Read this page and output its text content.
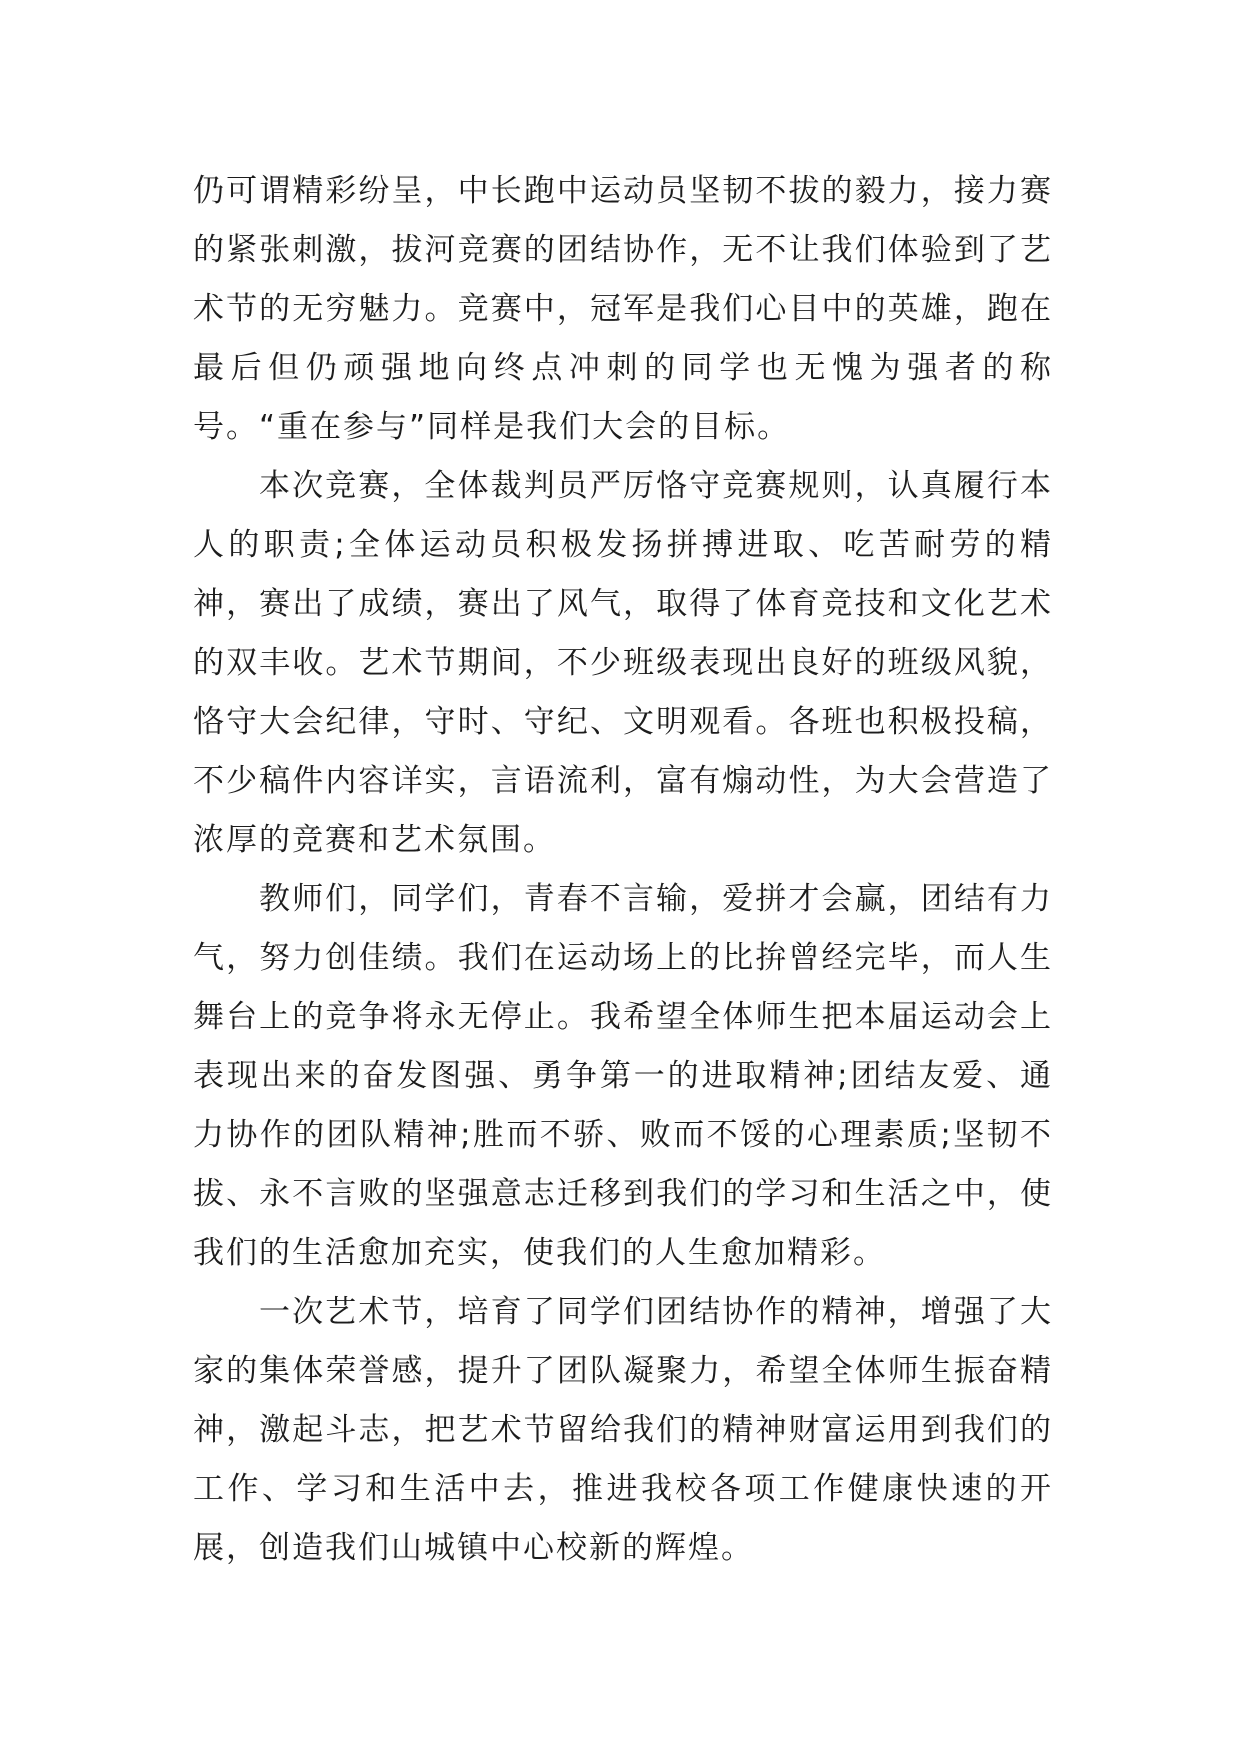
仍可谓精彩纷呈，中长跑中运动员坚韧不拔的毅力，接力赛的紧张刺激，拔河竞赛的团结协作，无不让我们体验到了艺术节的无穷魅力。竞赛中，冠军是我们心目中的英雄，跑在最后但仍顽强地向终点冲刺的同学也无愧为强者的称号。“重在参与”同样是我们大会的目标。

本次竞赛，全体裁判员严厉恪守竞赛规则，认真履行本人的职责;全体运动员积极发扬拼搏进取、吃苦耐劳的精神，赛出了成绩，赛出了风气，取得了体育竞技和文化艺术的双丰收。艺术节期间，不少班级表现出良好的班级风貌，恪守大会纪律，守时、守纪、文明观看。各班也积极投稿，不少稿件内容详实，言语流利，富有煽动性，为大会营造了浓厚的竞赛和艺术氛围。

教师们，同学们，青春不言输，爱拼才会赢，团结有力气，努力创佳绩。我们在运动场上的比拚曾经完毕，而人生舞台上的竞争将永无停止。我希望全体师生把本届运动会上表现出来的奋发图强、勇争第一的进取精神;团结友爱、通力协作的团队精神;胜而不骄、败而不馁的心理素质;坚韧不拔、永不言败的坚强意志迁移到我们的学习和生活之中，使我们的生活愈加充实，使我们的人生愈加精彩。

一次艺术节，培育了同学们团结协作的精神，增强了大家的集体荣誉感，提升了团队凝聚力，希望全体师生振奋精神，激起斗志，把艺术节留给我们的精神财富运用到我们的工作、学习和生活中去，推进我校各项工作健康快速的开展，创造我们山城镇中心校新的辉煌。
